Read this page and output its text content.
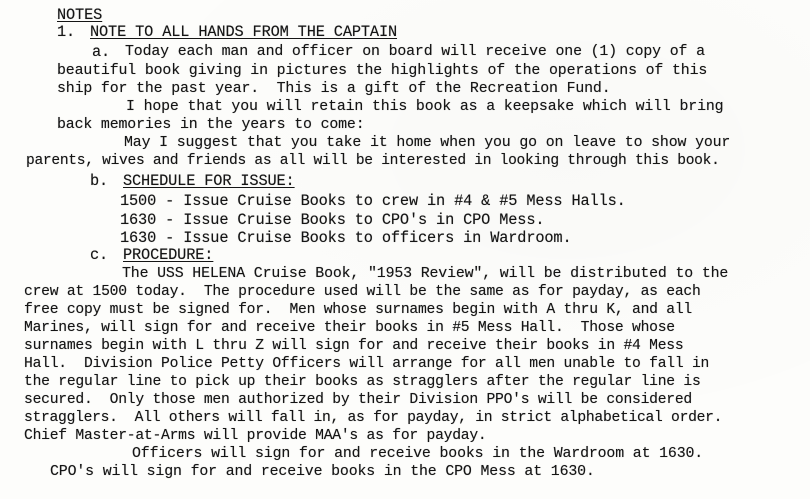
NOTES
1. NOTE TO ALL HANDS FROM THE CAPTAIN
a. Today each man and officer on board will receive one (1) copy of a
beautiful book giving in pictures the highlights of the operations of this
ship for the past year.  This is a gift of the Recreation Fund.
I hope that you will retain this book as a keepsake which will bring
back memories in the years to come:
May I suggest that you take it home when you go on leave to show your
parents, wives and friends as all will be interested in looking through this book.
b. SCHEDULE FOR ISSUE:
1500 - Issue Cruise Books to crew in #4 & #5 Mess Halls.
1630 - Issue Cruise Books to CPO's in CPO Mess.
1630 - Issue Cruise Books to officers in Wardroom.
c. PROCEDURE:
The USS HELENA Cruise Book, "1953 Review", will be distributed to the
crew at 1500 today.  The procedure used will be the same as for payday, as each
free copy must be signed for.  Men whose surnames begin with A thru K, and all
Marines, will sign for and receive their books in #5 Mess Hall.  Those whose
surnames begin with L thru Z will sign for and receive their books in #4 Mess
Hall.  Division Police Petty Officers will arrange for all men unable to fall in
the regular line to pick up their books as stragglers after the regular line is
secured.  Only those men authorized by their Division PPO's will be considered
stragglers.  All others will fall in, as for payday, in strict alphabetical order.
Chief Master-at-Arms will provide MAA's as for payday.
Officers will sign for and receive books in the Wardroom at 1630.
CPO's will sign for and receive books in the CPO Mess at 1630.
